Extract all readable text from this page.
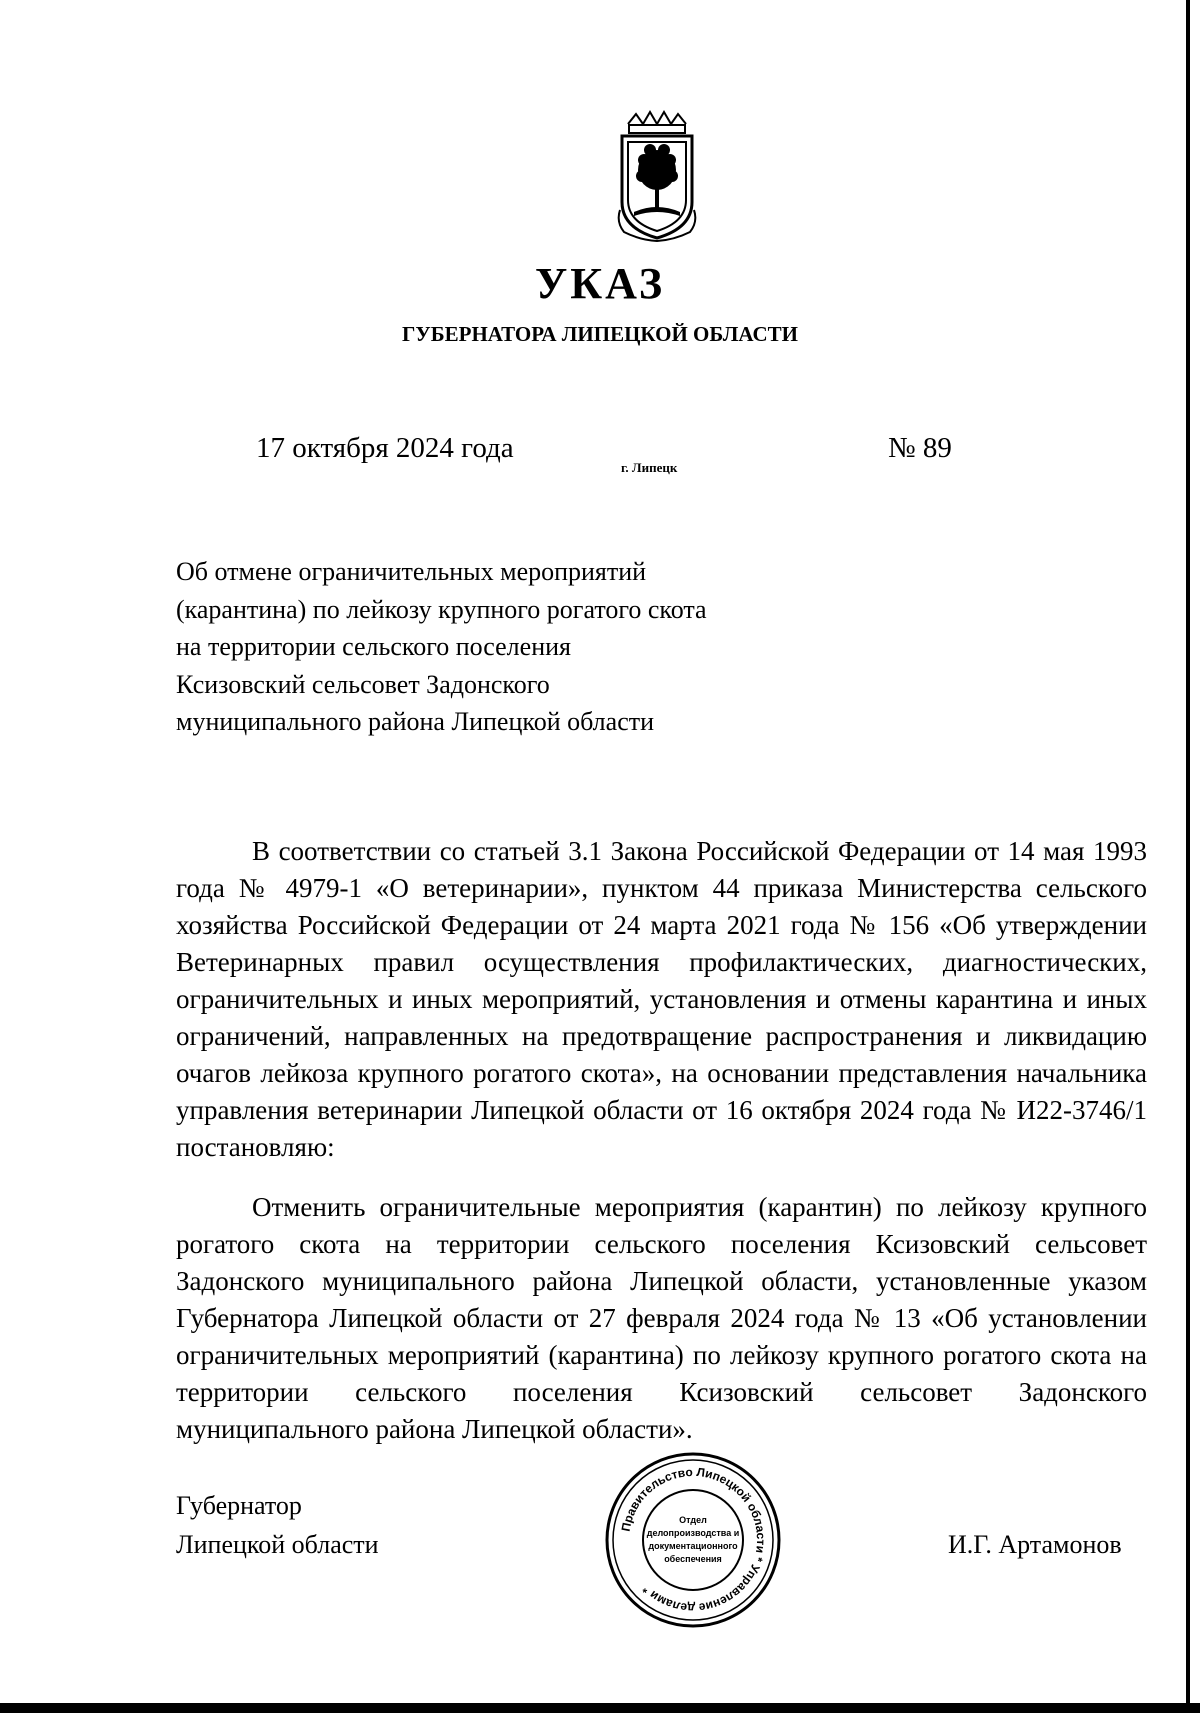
УКАЗ
ГУБЕРНАТОРА ЛИПЕЦКОЙ ОБЛАСТИ
17 октября 2024 года
г. Липецк
№ 89
Об отмене ограничительных мероприятий
(карантина) по лейкозу крупного рогатого скота
на территории сельского поселения
Ксизовский сельсовет Задонского
муниципального района Липецкой области

В соответствии со статьей 3.1 Закона Российской Федерации от 14 мая 1993 года № 4979-1 «О ветеринарии», пунктом 44 приказа Министерства сельского хозяйства Российской Федерации от 24 марта 2021 года № 156 «Об утверждении Ветеринарных правил осуществления профилактических, диагностических, ограничительных и иных мероприятий, установления и отмены карантина и иных ограничений, направленных на предотвращение распространения и ликвидацию очагов лейкоза крупного рогатого скота», на основании представления начальника управления ветеринарии Липецкой области от 16 октября 2024 года № И22-3746/1 постановляю:

Отменить ограничительные мероприятия (карантин) по лейкозу крупного рогатого скота на территории сельского поселения Ксизовский сельсовет Задонского муниципального района Липецкой области, установленные указом Губернатора Липецкой области от 27 февраля 2024 года № 13 «Об установлении ограничительных мероприятий (карантина) по лейкозу крупного рогатого скота на территории сельского поселения Ксизовский сельсовет Задонского муниципального района Липецкой области».

Губернатор
Липецкой области
Правительство Липецкой области * Управление делами *
Отдел
делопроизводства и
документационного
обеспечения	И.Г. Артамонов
